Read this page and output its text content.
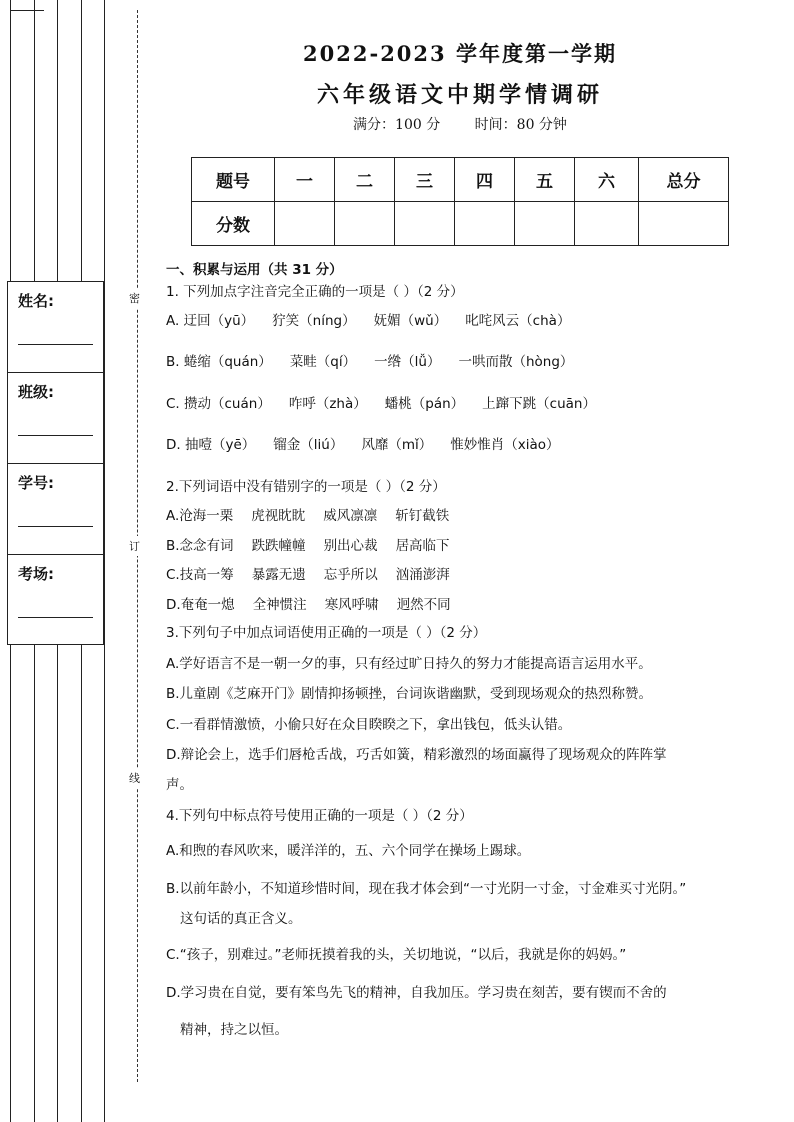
密
订
线
姓名:
班级:
学号:
考场:
2022-2023 学年度第一学期
六年级语文中期学情调研
满分：100 分 时间：80 分钟
题号	一	二	三	四	五	六	总分
分数							
一、积累与运用（共 31 分）
1. 下列加点字注音完全正确的一项是（ ）（2 分）
A. 迂回（yū） 狞笑（níng） 妩媚（wǔ） 叱咤风云（chà）
B. 蜷缩（quán） 菜畦（qí） 一绺（lǚ） 一哄而散（hòng）
C. 攒动（cuán） 咋呼（zhà） 蟠桃（pán） 上蹿下跳（cuān）
D. 抽噎（yē） 镏金（liú） 风靡（mǐ） 惟妙惟肖（xiào）
2.下列词语中没有错别字的一项是（ ）（2 分）
A.沧海一栗 虎视眈眈 威风凛凛 斩钉截铁
B.念念有词 跌跌幢幢 别出心裁 居高临下
C.技高一筹 暴露无遗 忘乎所以 汹涌澎湃
D.奄奄一熄 全神惯注 寒风呼啸 迥然不同
3.下列句子中加点词语使用正确的一项是（ ）（2 分）
A.学好语言不是一朝一夕的事，只有经过旷日持久的努力才能提高语言运用水平。
B.儿童剧《芝麻开门》剧情抑扬顿挫，台词诙谐幽默，受到现场观众的热烈称赞。
C.一看群情激愤，小偷只好在众目睽睽之下，拿出钱包，低头认错。
D.辩论会上，选手们唇枪舌战，巧舌如簧，精彩激烈的场面赢得了现场观众的阵阵掌
声。
4.下列句中标点符号使用正确的一项是（ ）（2 分）
A.和煦的春风吹来，暖洋洋的，五、六个同学在操场上踢球。
B.以前年龄小，不知道珍惜时间，现在我才体会到“一寸光阴一寸金，寸金难买寸光阴。”
这句话的真正含义。
C.“孩子，别难过。”老师抚摸着我的头，关切地说，“以后，我就是你的妈妈。”
D.学习贵在自觉，要有笨鸟先飞的精神，自我加压。学习贵在刻苦，要有锲而不舍的
精神，持之以恒。
